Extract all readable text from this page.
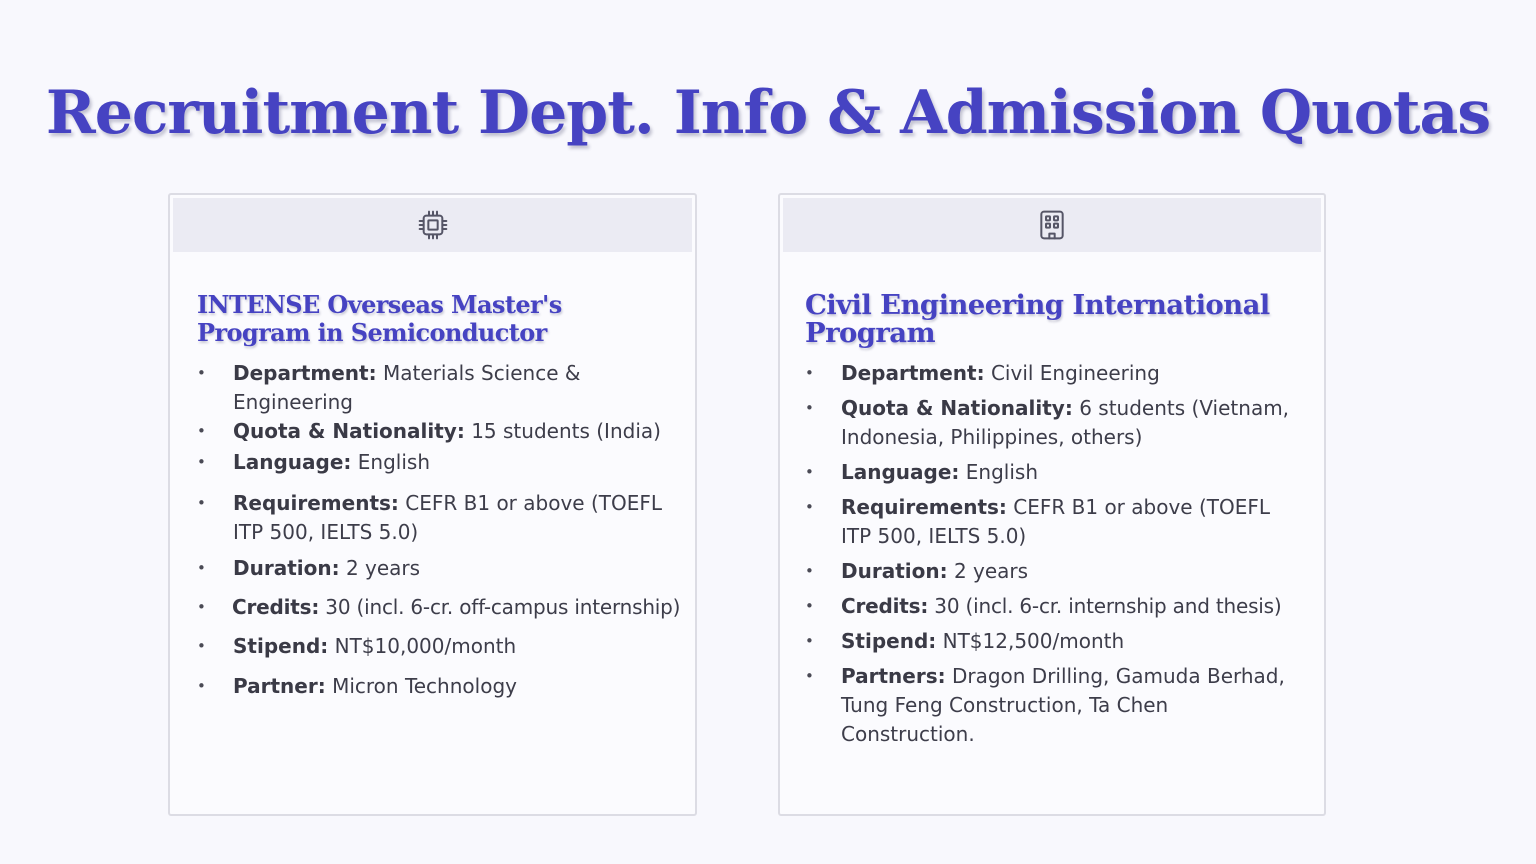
Recruitment Dept. Info & Admission Quotas
INTENSE Overseas Master's Program in Semiconductor
• Department: Materials Science & Engineering
• Quota & Nationality: 15 students (India)
• Language: English
• Requirements: CEFR B1 or above (TOEFL ITP 500, IELTS 5.0)
• Duration: 2 years
• Credits: 30 (incl. 6-cr. off-campus internship)
• Stipend: NT$10,000/month
• Partner: Micron Technology
Civil Engineering International Program
• Department: Civil Engineering
• Quota & Nationality: 6 students (Vietnam, Indonesia, Philippines, others)
• Language: English
• Requirements: CEFR B1 or above (TOEFL ITP 500, IELTS 5.0)
• Duration: 2 years
• Credits: 30 (incl. 6-cr. internship and thesis)
• Stipend: NT$12,500/month
• Partners: Dragon Drilling, Gamuda Berhad, Tung Feng Construction, Ta Chen Construction.
